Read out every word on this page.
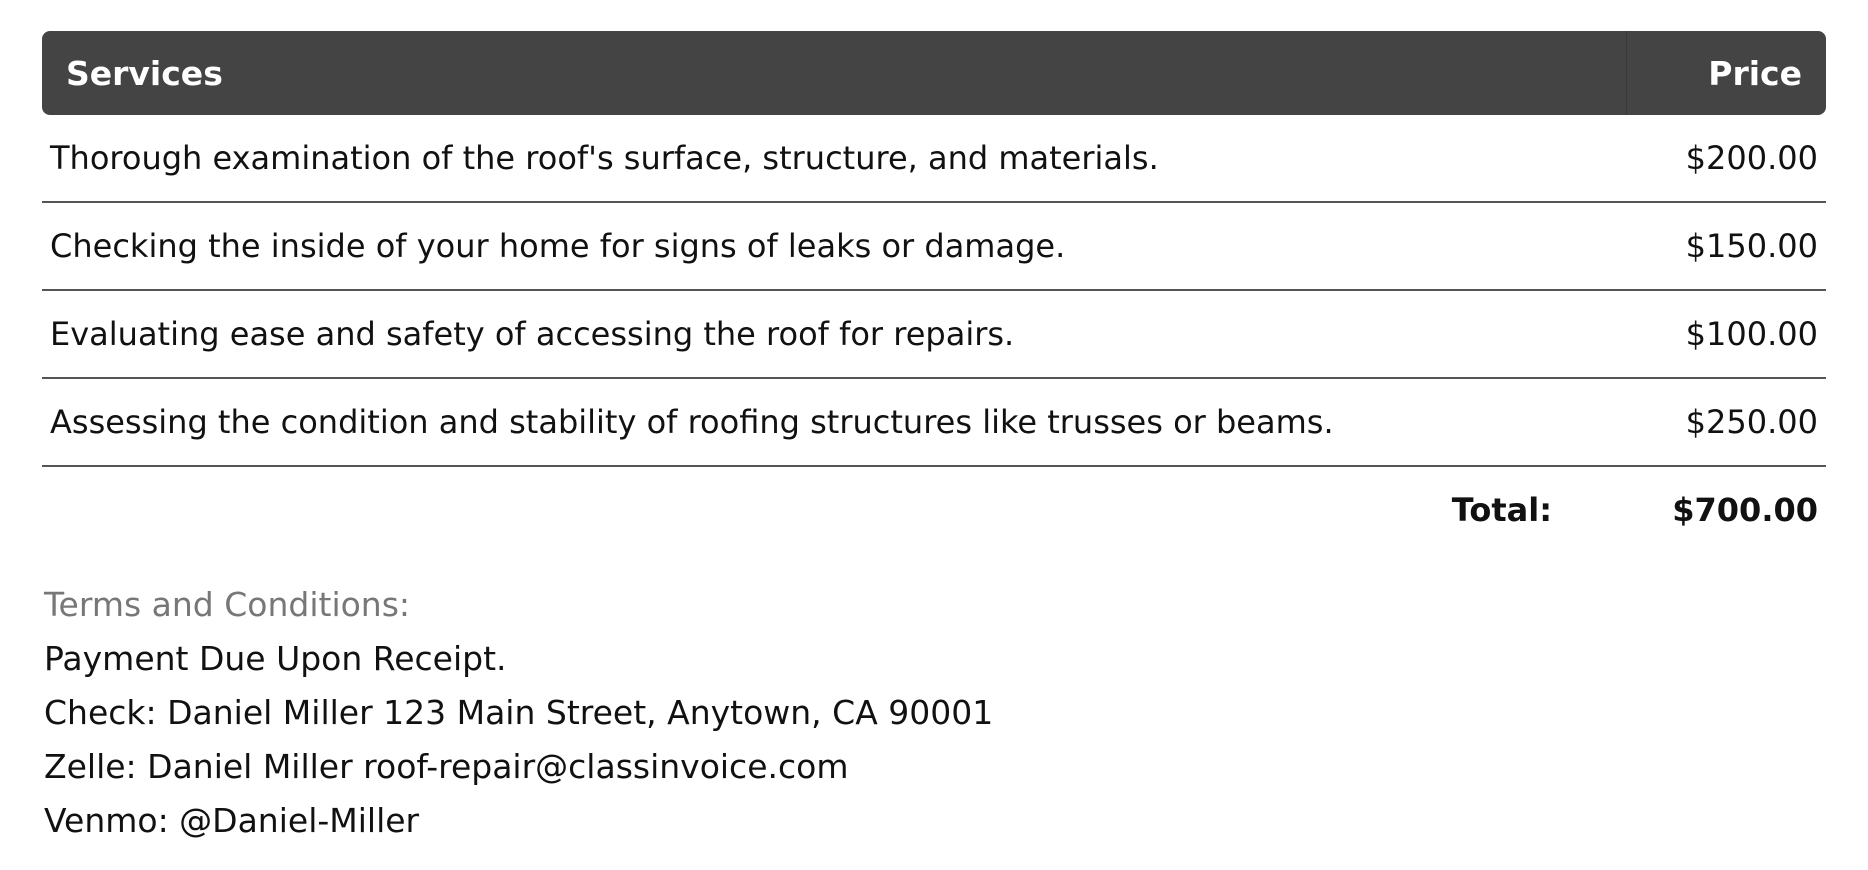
Services	Price
Thorough examination of the roof's surface, structure, and materials.	$200.00
Checking the inside of your home for signs of leaks or damage.	$150.00
Evaluating ease and safety of accessing the roof for repairs.	$100.00
Assessing the condition and stability of roofing structures like trusses or beams.	$250.00
Total:	$700.00
Terms and Conditions:
Payment Due Upon Receipt.
Check: Daniel Miller 123 Main Street, Anytown, CA 90001
Zelle: Daniel Miller roof-repair@classinvoice.com
Venmo: @Daniel-Miller
